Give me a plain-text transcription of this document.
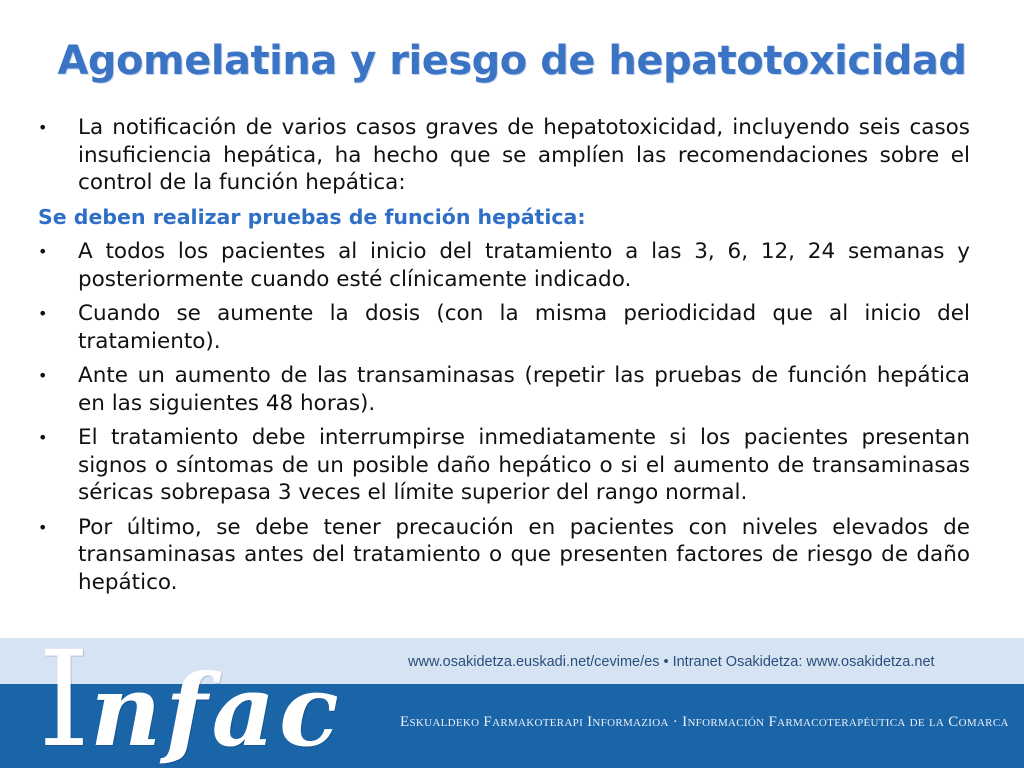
Agomelatina y riesgo de hepatotoxicidad
• La notificación de varios casos graves de hepatotoxicidad, incluyendo seis casos insuficiencia hepática, ha hecho que se amplíen las recomendaciones sobre el control de la función hepática:
Se deben realizar pruebas de función hepática:
• A todos los pacientes al inicio del tratamiento a las 3, 6, 12, 24 semanas y posteriormente cuando esté clínicamente indicado.
• Cuando se aumente la dosis (con la misma periodicidad que al inicio del tratamiento).
• Ante un aumento de las transaminasas (repetir las pruebas de función hepática en las siguientes 48 horas).
• El tratamiento debe interrumpirse inmediatamente si los pacientes presentan signos o síntomas de un posible daño hepático o si el aumento de transaminasas séricas sobrepasa 3 veces el límite superior del rango normal.
• Por último, se debe tener precaución en pacientes con niveles elevados de transaminasas antes del tratamiento o que presenten factores de riesgo de daño hepático.
Infac	www.osakidetza.euskadi.net/cevime/es • Intranet Osakidetza: www.osakidetza.net
Eskualdeko Farmakoterapi Informazioa · Información Farmacoterapéutica de la Comarca
